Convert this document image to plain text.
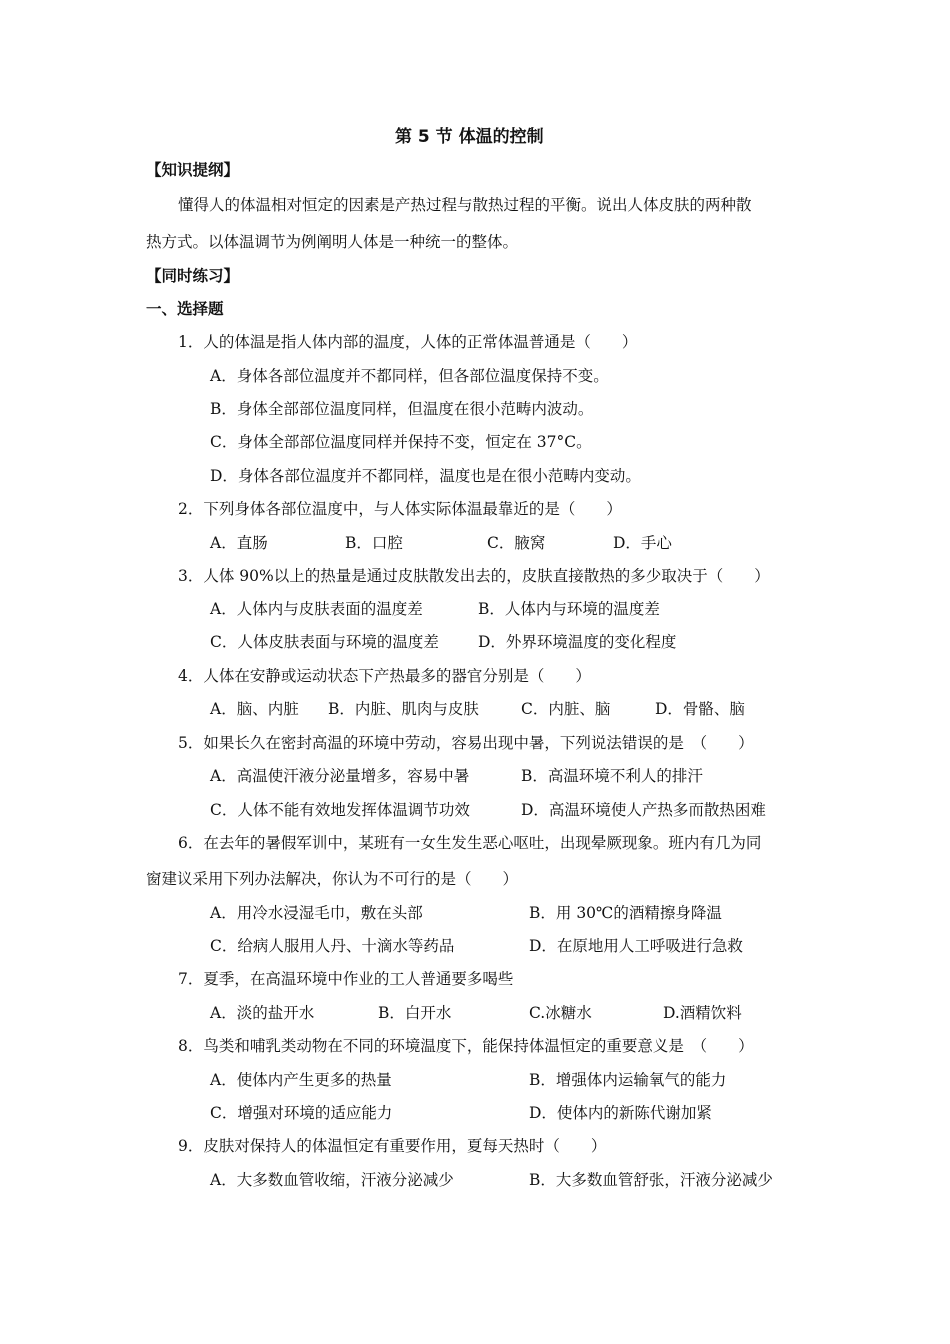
第 5 节 体温的控制
【知识提纲】
懂得人的体温相对恒定的因素是产热过程与散热过程的平衡。说出人体皮肤的两种散
热方式。以体温调节为例阐明人体是一种统一的整体。
【同时练习】
一、选择题
1．人的体温是指人体内部的温度，人体的正常体温普通是（　　）
A．身体各部位温度并不都同样，但各部位温度保持不变。
B．身体全部部位温度同样，但温度在很小范畴内波动。
C．身体全部部位温度同样并保持不变，恒定在 37°C。
D．身体各部位温度并不都同样，温度也是在很小范畴内变动。
2．下列身体各部位温度中，与人体实际体温最靠近的是（　　）
A．直肠	B．口腔	C．腋窝	D．手心
3．人体 90%以上的热量是通过皮肤散发出去的，皮肤直接散热的多少取决于（　　）
A．人体内与皮肤表面的温度差	B．人体内与环境的温度差
C．人体皮肤表面与环境的温度差	D．外界环境温度的变化程度
4．人体在安静或运动状态下产热最多的器官分别是（　　）
A．脑、内脏 B．内脏、肌肉与皮肤	C．内脏、脑	D．骨骼、脑
5．如果长久在密封高温的环境中劳动，容易出现中暑，下列说法错误的是　（　　）
A．高温使汗液分泌量增多，容易中暑	B．高温环境不利人的排汗
C．人体不能有效地发挥体温调节功效	D．高温环境使人产热多而散热困难
6．在去年的暑假军训中，某班有一女生发生恶心呕吐，出现晕厥现象。班内有几为同
窗建议采用下列办法解决，你认为不可行的是（　　）
A．用冷水浸湿毛巾，敷在头部	B．用 30℃的酒精擦身降温
C．给病人服用人丹、十滴水等药品	D．在原地用人工呼吸进行急救
7．夏季，在高温环境中作业的工人普通要多喝些
A．淡的盐开水	B．白开水	C.冰糖水	D.酒精饮料
8．鸟类和哺乳类动物在不同的环境温度下，能保持体温恒定的重要意义是　（　　）
A．使体内产生更多的热量	B．增强体内运输氧气的能力
C．增强对环境的适应能力	D．使体内的新陈代谢加紧
9．皮肤对保持人的体温恒定有重要作用，夏每天热时（　　）
A．大多数血管收缩，汗液分泌减少	B．大多数血管舒张，汗液分泌减少
